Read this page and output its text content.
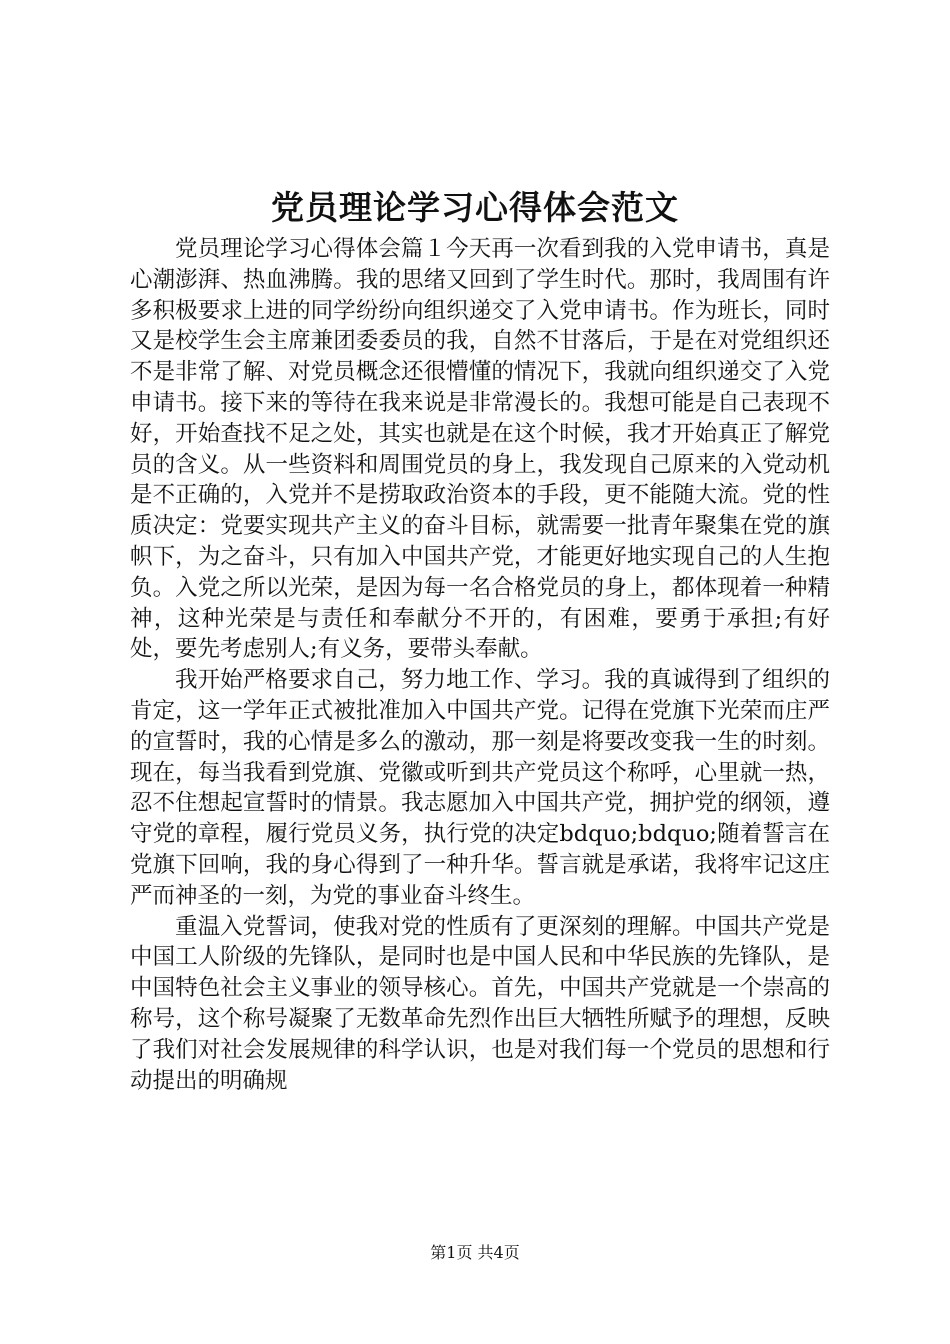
党员理论学习心得体会范文

党员理论学习心得体会篇１今天再一次看到我的入党申请书，真是心潮澎湃、热血沸腾。我的思绪又回到了学生时代。那时，我周围有许多积极要求上进的同学纷纷向组织递交了入党申请书。作为班长，同时又是校学生会主席兼团委委员的我，自然不甘落后，于是在对党组织还不是非常了解、对党员概念还很懵懂的情况下，我就向组织递交了入党申请书。接下来的等待在我来说是非常漫长的。我想可能是自己表现不好，开始查找不足之处，其实也就是在这个时候，我才开始真正了解党员的含义。从一些资料和周围党员的身上，我发现自己原来的入党动机是不正确的，入党并不是捞取政治资本的手段，更不能随大流。党的性质决定：党要实现共产主义的奋斗目标，就需要一批青年聚集在党的旗帜下，为之奋斗，只有加入中国共产党，才能更好地实现自己的人生抱负。入党之所以光荣，是因为每一名合格党员的身上，都体现着一种精神，这种光荣是与责任和奉献分不开的，有困难，要勇于承担;有好处，要先考虑别人;有义务，要带头奉献。

我开始严格要求自己，努力地工作、学习。我的真诚得到了组织的肯定，这一学年正式被批准加入中国共产党。记得在党旗下光荣而庄严的宣誓时，我的心情是多么的激动，那一刻是将要改变我一生的时刻。现在，每当我看到党旗、党徽或听到共产党员这个称呼，心里就一热，忍不住想起宣誓时的情景。我志愿加入中国共产党，拥护党的纲领，遵守党的章程，履行党员义务，执行党的决定bdquo;bdquo;随着誓言在党旗下回响，我的身心得到了一种升华。誓言就是承诺，我将牢记这庄严而神圣的一刻，为党的事业奋斗终生。

重温入党誓词，使我对党的性质有了更深刻的理解。中国共产党是中国工人阶级的先锋队，是同时也是中国人民和中华民族的先锋队，是中国特色社会主义事业的领导核心。首先，中国共产党就是一个崇高的称号，这个称号凝聚了无数革命先烈作出巨大牺牲所赋予的理想，反映了我们对社会发展规律的科学认识，也是对我们每一个党员的思想和行动提出的明确规

第1页 共4页
